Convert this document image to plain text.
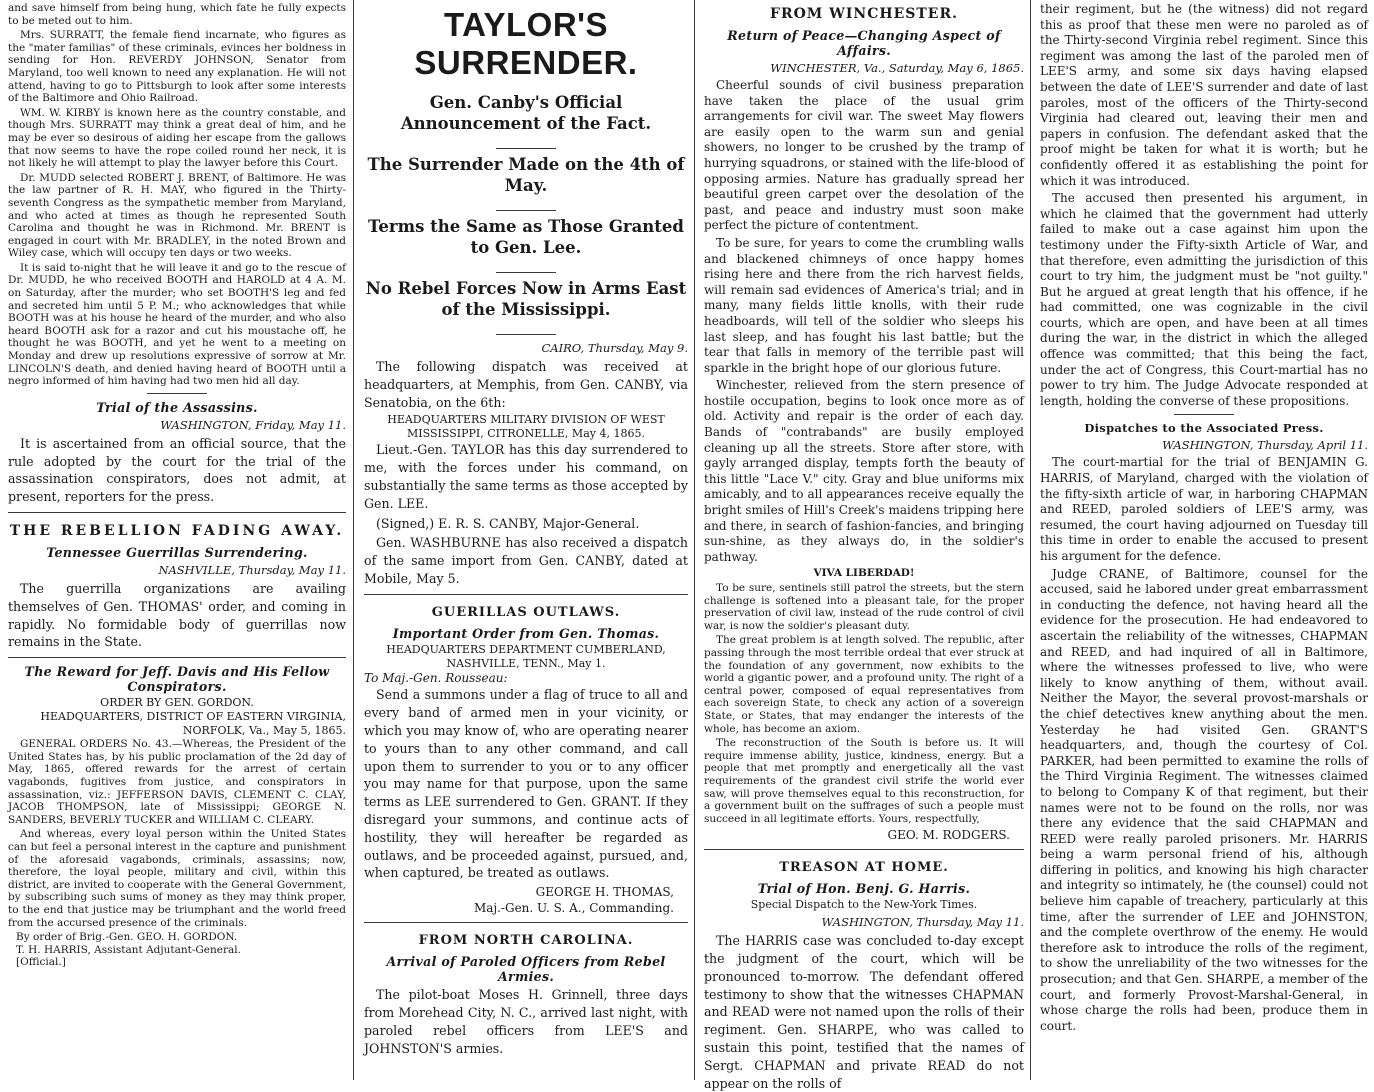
and save himself from being hung, which fate he fully expects to be meted out to him.

Mrs. SURRATT, the female fiend incarnate, who figures as the "mater familias" of these criminals, evinces her boldness in sending for Hon. REVERDY JOHNSON, Senator from Maryland, too well known to need any explanation. He will not attend, having to go to Pittsburgh to look after some interests of the Baltimore and Ohio Railroad.

WM. W. KIRBY is known here as the country constable, and though Mrs. SURRATT may think a great deal of him, and he may be ever so desirous of aiding her escape from the gallows that now seems to have the rope coiled round her neck, it is not likely he will attempt to play the lawyer before this Court.

Dr. MUDD selected ROBERT J. BRENT, of Baltimore. He was the law partner of R. H. MAY, who figured in the Thirty-seventh Congress as the sympathetic member from Maryland, and who acted at times as though he represented South Carolina and thought he was in Richmond. Mr. BRENT is engaged in court with Mr. BRADLEY, in the noted Brown and Wiley case, which will occupy ten days or two weeks.

It is said to-night that he will leave it and go to the rescue of Dr. MUDD, he who received BOOTH and HAROLD at 4 A. M. on Saturday, after the murder; who set BOOTH'S leg and fed and secreted him until 5 P. M.; who acknowledges that while BOOTH was at his house he heard of the murder, and who also heard BOOTH ask for a razor and cut his moustache off, he thought he was BOOTH, and yet he went to a meeting on Monday and drew up resolutions expressive of sorrow at Mr. LINCOLN'S death, and denied having heard of BOOTH until a negro informed of him having had two men hid all day.

Trial of the Assassins.
WASHINGTON, Friday, May 11.

It is ascertained from an official source, that the rule adopted by the court for the trial of the assassination conspirators, does not admit, at present, reporters for the press.

THE REBELLION FADING AWAY.
Tennessee Guerrillas Surrendering.
NASHVILLE, Thursday, May 11.

The guerrilla organizations are availing themselves of Gen. THOMAS' order, and coming in rapidly. No formidable body of guerrillas now remains in the State.

The Reward for Jeff. Davis and His Fellow Conspirators.
ORDER BY GEN. GORDON.
HEADQUARTERS, DISTRICT OF EASTERN VIRGINIA, NORFOLK, Va., May 5, 1865.

GENERAL ORDERS No. 43.—Whereas, the President of the United States has, by his public proclamation of the 2d day of May, 1865, offered rewards for the arrest of certain vagabonds, fugitives from justice, and conspirators in assassination, viz.: JEFFERSON DAVIS, CLEMENT C. CLAY, JACOB THOMPSON, late of Mississippi; GEORGE N. SANDERS, BEVERLY TUCKER and WILLIAM C. CLEARY.

And whereas, every loyal person within the United States can but feel a personal interest in the capture and punishment of the aforesaid vagabonds, criminals, assassins; now, therefore, the loyal people, military and civil, within this district, are invited to cooperate with the General Government, by subscribing such sums of money as they may think proper, to the end that justice may be triumphant and the world freed from the accursed presence of the criminals.

By order of Brig.-Gen. GEO. H. GORDON.
T. H. HARRIS, Assistant Adjutant-General.
[Official.]
TAYLOR'S SURRENDER.
Gen. Canby's Official Announcement of the Fact.
The Surrender Made on the 4th of May.
Terms the Same as Those Granted to Gen. Lee.
No Rebel Forces Now in Arms East of the Mississippi.
CAIRO, Thursday, May 9.

The following dispatch was received at headquarters, at Memphis, from Gen. CANBY, via Senatobia, on the 6th:

HEADQUARTERS MILITARY DIVISION OF WEST MISSISSIPPI, CITRONELLE, May 4, 1865.

Lieut.-Gen. TAYLOR has this day surrendered to me, with the forces under his command, on substantially the same terms as those accepted by Gen. LEE.

(Signed,) E. R. S. CANBY, Major-General.

Gen. WASHBURNE has also received a dispatch of the same import from Gen. CANBY, dated at Mobile, May 5.

GUERILLAS OUTLAWS.
Important Order from Gen. Thomas.
HEADQUARTERS DEPARTMENT CUMBERLAND, NASHVILLE, TENN., May 1.
To Maj.-Gen. Rousseau:

Send a summons under a flag of truce to all and every band of armed men in your vicinity, or which you may know of, who are operating nearer to yours than to any other command, and call upon them to surrender to you or to any officer you may name for that purpose, upon the same terms as LEE surrendered to Gen. GRANT. If they disregard your summons, and continue acts of hostility, they will hereafter be regarded as outlaws, and be proceeded against, pursued, and, when captured, be treated as outlaws.

GEORGE H. THOMAS,
Maj.-Gen. U. S. A., Commanding.
FROM NORTH CAROLINA.
Arrival of Paroled Officers from Rebel Armies.

The pilot-boat Moses H. Grinnell, three days from Morehead City, N. C., arrived last night, with paroled rebel officers from LEE'S and JOHNSTON'S armies.

FROM WINCHESTER.
Return of Peace—Changing Aspect of Affairs.
WINCHESTER, Va., Saturday, May 6, 1865.

Cheerful sounds of civil business preparation have taken the place of the usual grim arrangements for civil war. The sweet May flowers are easily open to the warm sun and genial showers, no longer to be crushed by the tramp of hurrying squadrons, or stained with the life-blood of opposing armies. Nature has gradually spread her beautiful green carpet over the desolation of the past, and peace and industry must soon make perfect the picture of contentment.

To be sure, for years to come the crumbling walls and blackened chimneys of once happy homes rising here and there from the rich harvest fields, will remain sad evidences of America's trial; and in many, many fields little knolls, with their rude headboards, will tell of the soldier who sleeps his last sleep, and has fought his last battle; but the tear that falls in memory of the terrible past will sparkle in the bright hope of our glorious future.

Winchester, relieved from the stern presence of hostile occupation, begins to look once more as of old. Activity and repair is the order of each day. Bands of "contrabands" are busily employed cleaning up all the streets. Store after store, with gayly arranged display, tempts forth the beauty of this little "Lace V." city. Gray and blue uniforms mix amicably, and to all appearances receive equally the bright smiles of Hill's Creek's maidens tripping here and there, in search of fashion-fancies, and bringing sun-shine, as they always do, in the soldier's pathway.

VIVA LIBERDAD!

To be sure, sentinels still patrol the streets, but the stern challenge is softened into a pleasant tale, for the proper preservation of civil law, instead of the rude control of civil war, is now the soldier's pleasant duty.

The great problem is at length solved. The republic, after passing through the most terrible ordeal that ever struck at the foundation of any government, now exhibits to the world a gigantic power, and a profound unity. The right of a central power, composed of equal representatives from each sovereign State, to check any action of a sovereign State, or States, that may endanger the interests of the whole, has become an axiom.

The reconstruction of the South is before us. It will require immense ability, justice, kindness, energy. But a people that met promptly and energetically all the vast requirements of the grandest civil strife the world ever saw, will prove themselves equal to this reconstruction, for a government built on the suffrages of such a people must succeed in all legitimate efforts. Yours, respectfully,

GEO. M. RODGERS.
TREASON AT HOME.
Trial of Hon. Benj. G. Harris.
Special Dispatch to the New-York Times.
WASHINGTON, Thursday, May 11.

The HARRIS case was concluded to-day except the judgment of the court, which will be pronounced to-morrow. The defendant offered testimony to show that the witnesses CHAPMAN and READ were not named upon the rolls of their regiment. Gen. SHARPE, who was called to sustain this point, testified that the names of Sergt. CHAPMAN and private READ do not appear on the rolls of

their regiment, but he (the witness) did not regard this as proof that these men were no paroled as of the Thirty-second Virginia rebel regiment. Since this regiment was among the last of the paroled men of LEE'S army, and some six days having elapsed between the date of LEE'S surrender and date of last paroles, most of the officers of the Thirty-second Virginia had cleared out, leaving their men and papers in confusion. The defendant asked that the proof might be taken for what it is worth; but he confidently offered it as establishing the point for which it was introduced.

The accused then presented his argument, in which he claimed that the government had utterly failed to make out a case against him upon the testimony under the Fifty-sixth Article of War, and that therefore, even admitting the jurisdiction of this court to try him, the judgment must be "not guilty." But he argued at great length that his offence, if he had committed, one was cognizable in the civil courts, which are open, and have been at all times during the war, in the district in which the alleged offence was committed; that this being the fact, under the act of Congress, this Court-martial has no power to try him. The Judge Advocate responded at length, holding the converse of these propositions.

Dispatches to the Associated Press.
WASHINGTON, Thursday, April 11.

The court-martial for the trial of BENJAMIN G. HARRIS, of Maryland, charged with the violation of the fifty-sixth article of war, in harboring CHAPMAN and REED, paroled soldiers of LEE'S army, was resumed, the court having adjourned on Tuesday till this time in order to enable the accused to present his argument for the defence.

Judge CRANE, of Baltimore, counsel for the accused, said he labored under great embarrassment in conducting the defence, not having heard all the evidence for the prosecution. He had endeavored to ascertain the reliability of the witnesses, CHAPMAN and REED, and had inquired of all in Baltimore, where the witnesses professed to live, who were likely to know anything of them, without avail. Neither the Mayor, the several provost-marshals or the chief detectives knew anything about the men. Yesterday he had visited Gen. GRANT'S headquarters, and, though the courtesy of Col. PARKER, had been permitted to examine the rolls of the Third Virginia Regiment. The witnesses claimed to belong to Company K of that regiment, but their names were not to be found on the rolls, nor was there any evidence that the said CHAPMAN and REED were really paroled prisoners. Mr. HARRIS being a warm personal friend of his, although differing in politics, and knowing his high character and integrity so intimately, he (the counsel) could not believe him capable of treachery, particularly at this time, after the surrender of LEE and JOHNSTON, and the complete overthrow of the enemy. He would therefore ask to introduce the rolls of the regiment, to show the unreliability of the two witnesses for the prosecution; and that Gen. SHARPE, a member of the court, and formerly Provost-Marshal-General, in whose charge the rolls had been, produce them in court.
